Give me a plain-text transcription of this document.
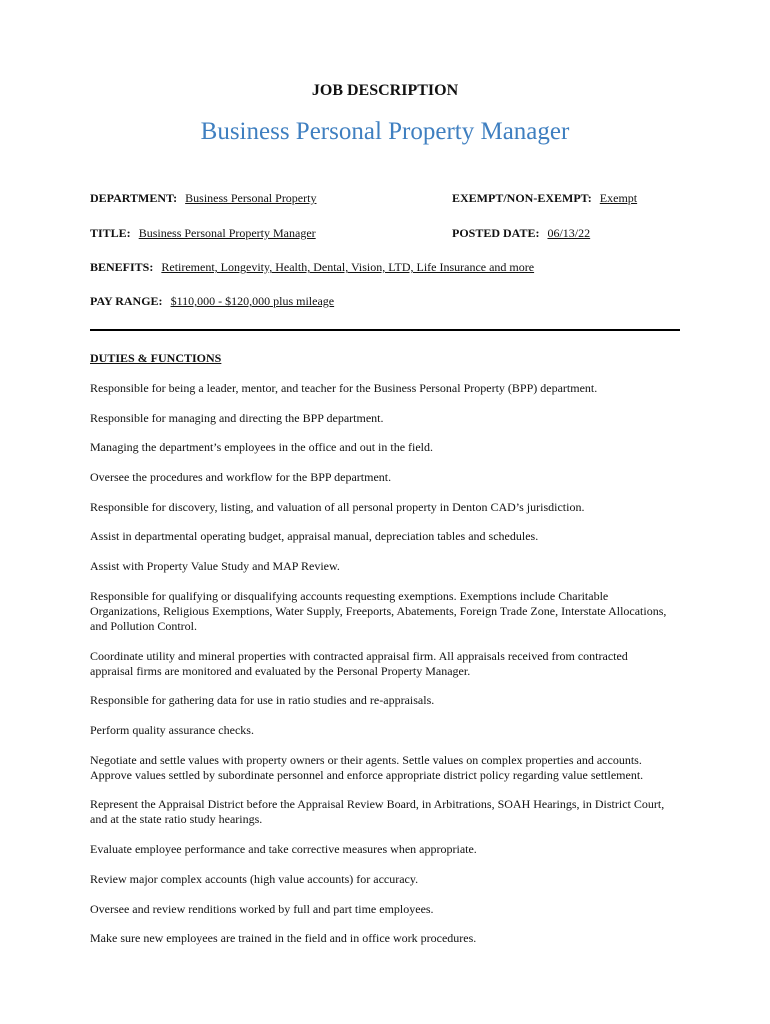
JOB DESCRIPTION
Business Personal Property Manager
DEPARTMENT: Business Personal Property	EXEMPT/NON-EXEMPT: Exempt
TITLE: Business Personal Property Manager	POSTED DATE: 06/13/22
BENEFITS: Retirement, Longevity, Health, Dental, Vision, LTD, Life Insurance and more
PAY RANGE: $110,000 - $120,000 plus mileage
DUTIES & FUNCTIONS
Responsible for being a leader, mentor, and teacher for the Business Personal Property (BPP) department.
Responsible for managing and directing the BPP department.
Managing the department’s employees in the office and out in the field.
Oversee the procedures and workflow for the BPP department.
Responsible for discovery, listing, and valuation of all personal property in Denton CAD’s jurisdiction.
Assist in departmental operating budget, appraisal manual, depreciation tables and schedules.
Assist with Property Value Study and MAP Review.
Responsible for qualifying or disqualifying accounts requesting exemptions. Exemptions include Charitable Organizations, Religious Exemptions, Water Supply, Freeports, Abatements, Foreign Trade Zone, Interstate Allocations, and Pollution Control.
Coordinate utility and mineral properties with contracted appraisal firm. All appraisals received from contracted appraisal firms are monitored and evaluated by the Personal Property Manager.
Responsible for gathering data for use in ratio studies and re-appraisals.
Perform quality assurance checks.
Negotiate and settle values with property owners or their agents. Settle values on complex properties and accounts. Approve values settled by subordinate personnel and enforce appropriate district policy regarding value settlement.
Represent the Appraisal District before the Appraisal Review Board, in Arbitrations, SOAH Hearings, in District Court, and at the state ratio study hearings.
Evaluate employee performance and take corrective measures when appropriate.
Review major complex accounts (high value accounts) for accuracy.
Oversee and review renditions worked by full and part time employees.
Make sure new employees are trained in the field and in office work procedures.
